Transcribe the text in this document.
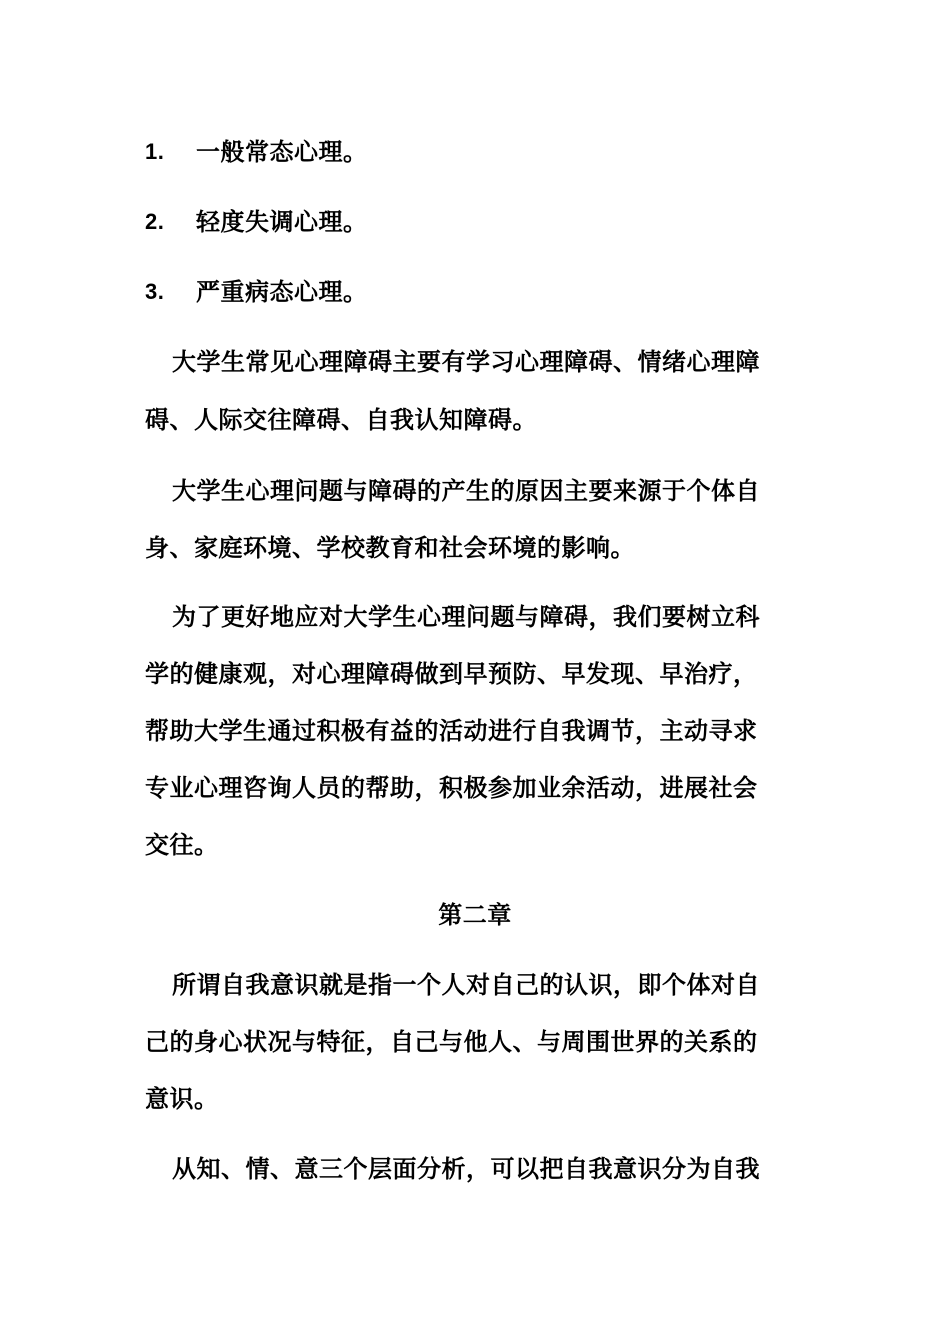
1. 一般常态心理。
2. 轻度失调心理。
3. 严重病态心理。
大学生常见心理障碍主要有学习心理障碍、情绪心理障
碍、人际交往障碍、自我认知障碍。
大学生心理问题与障碍的产生的原因主要来源于个体自
身、家庭环境、学校教育和社会环境的影响。
为了更好地应对大学生心理问题与障碍，我们要树立科
学的健康观，对心理障碍做到早预防、早发现、早治疗，
帮助大学生通过积极有益的活动进行自我调节，主动寻求
专业心理咨询人员的帮助，积极参加业余活动，进展社会
交往。
第二章
所谓自我意识就是指一个人对自己的认识，即个体对自
己的身心状况与特征，自己与他人、与周围世界的关系的
意识。
从知、情、意三个层面分析，可以把自我意识分为自我
